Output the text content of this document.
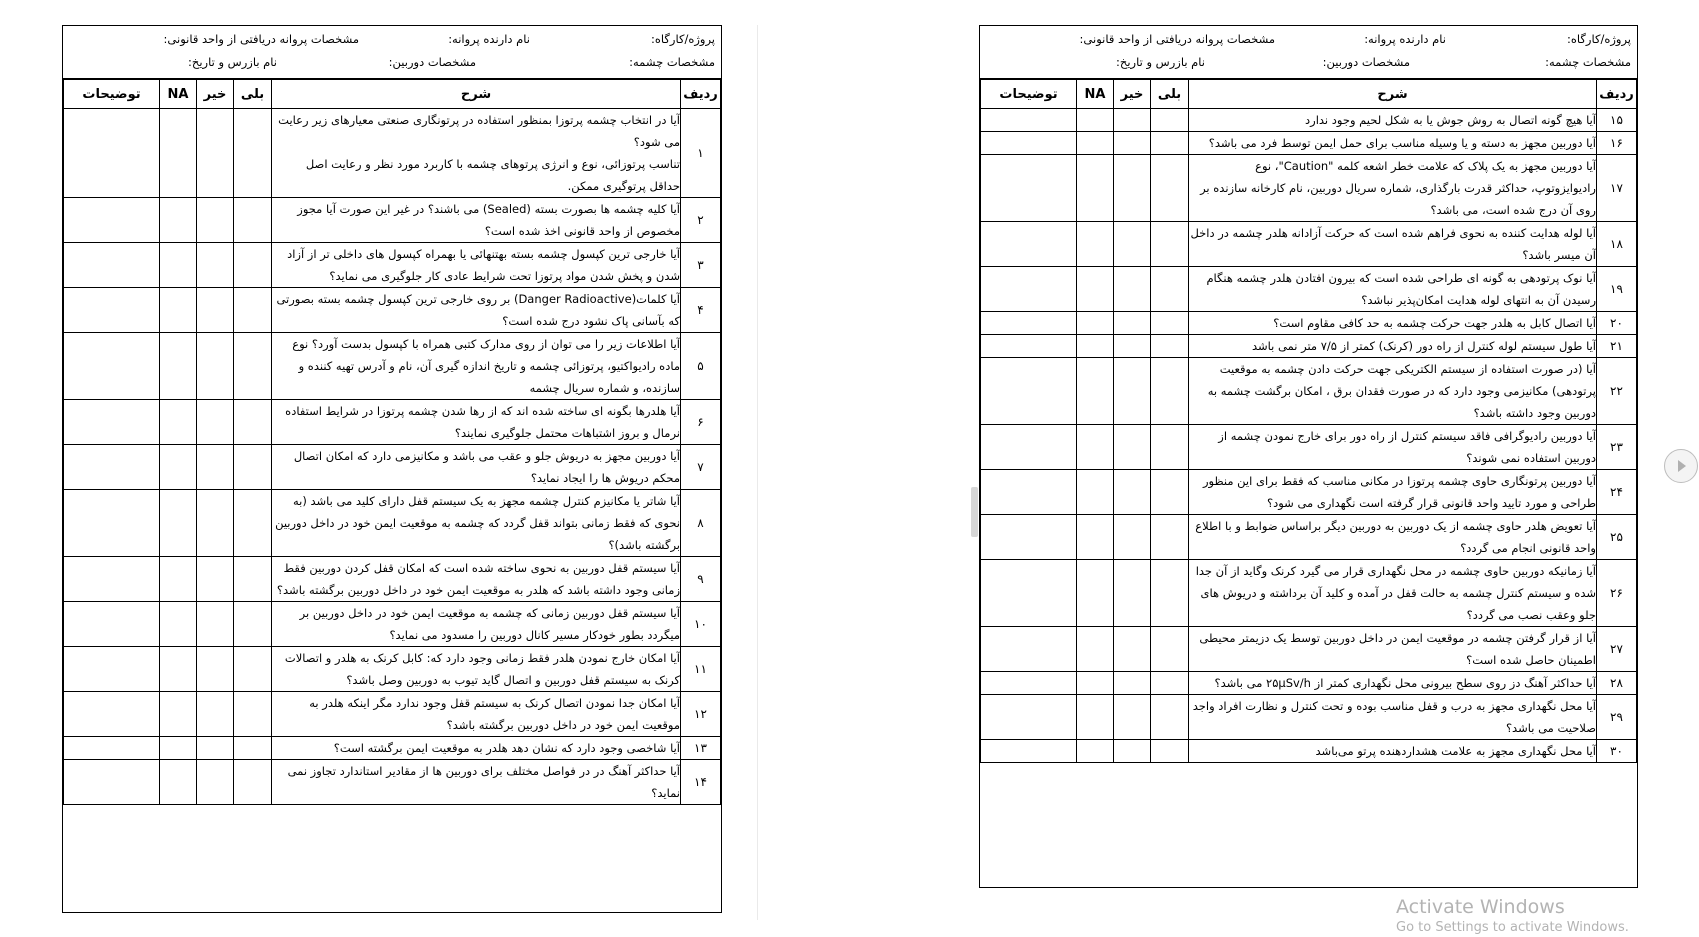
پروژه/کارگاه:
نام دارنده پروانه:
مشخصات پروانه دریافتی از واحد قانونی:
مشخصات چشمه:
مشخصات دوربین:
نام بازرس و تاریخ:
ردیف	شرح	بلی	خیر	NA	توضیحات
۱	آیا در انتخاب چشمه پرتوزا بمنظور استفاده در پرتونگاری صنعتی معیارهای زیر رعایت می شود؟

تناسب پرتوزائی، نوع و انرژی پرتوهای چشمه با کاربرد مورد نظر و رعایت اصل حداقل پرتوگیری ممکن.				

۲	آیا کلیه چشمه ها بصورت بسته (Sealed) می باشند؟ در غیر این صورت آیا مجوز مخصوص از واحد قانونی اخذ شده است؟				

۳	آیا خارجی ترین کپسول چشمه بسته بهتنهائی یا بهمراه کپسول های داخلی تر از آزاد شدن و پخش شدن مواد پرتوزا تحت شرایط عادی کار جلوگیری می نماید؟				

۴	آیا کلمات(Danger Radioactive) بر روی خارجی ترین کپسول چشمه بسته بصورتی که بآسانی پاک نشود درج شده است؟				

۵	آیا اطلاعات زیر را می توان از روی مدارک کتبی همراه با کپسول بدست آورد؟ نوع ماده رادیواکتیو، پرتوزائی چشمه و تاریخ اندازه گیری آن، نام و آدرس تهیه کننده و سازنده، و شماره سریال چشمه				

۶	آیا هلدرها بگونه ای ساخته شده اند که از رها شدن چشمه پرتوزا در شرایط استفاده نرمال و بروز اشتباهات محتمل جلوگیری نمایند؟				

۷	آیا دوربین مجهز به دریوش جلو و عقب می باشد و مکانیزمی دارد که امکان اتصال محکم دریوش ها را ایجاد نماید؟				

۸	آیا شاتر یا مکانیزم کنترل چشمه مجهز به یک سیستم قفل دارای کلید می باشد (به نحوی که فقط زمانی بتواند قفل گردد که چشمه به موقعیت ایمن خود در داخل دوربین برگشته باشد)؟				

۹	آیا سیستم قفل دوربین به نحوی ساخته شده است که امکان قفل کردن دوربین فقط زمانی وجود داشته باشد که هلدر به موقعیت ایمن خود در داخل دوربین برگشته باشد؟				

۱۰	آیا سیستم قفل دوربین زمانی که چشمه به موقعیت ایمن خود در داخل دوربین بر میگردد بطور خودکار مسیر کانال دوربین را مسدود می نماید؟				

۱۱	آیا امکان خارج نمودن هلدر فقط زمانی وجود دارد که: کابل کرنک به هلدر و اتصالات کرنک به سیستم قفل دوربین و اتصال گاید تیوب به دوربین وصل باشد؟				

۱۲	آیا امکان جدا نمودن اتصال کرنک به سیستم قفل وجود ندارد مگر اینکه هلدر به موقعیت ایمن خود در داخل دوربین برگشته باشد؟				

۱۳	آیا شاخصی وجود دارد که نشان دهد هلدر به موقعیت ایمن برگشته است؟				

۱۴	آیا حداکثر آهنگ در در فواصل مختلف برای دوربین ها از مقادیر استاندارد تجاوز نمی نماید؟				

پروژه/کارگاه:
نام دارنده پروانه:
مشخصات پروانه دریافتی از واحد قانونی:
مشخصات چشمه:
مشخصات دوربین:
نام بازرس و تاریخ:
ردیف	شرح	بلی	خیر	NA	توضیحات
۱۵	آیا هیچ گونه اتصال به روش جوش یا به شکل لحیم وجود ندارد				

۱۶	آیا دوربین مجهز به دسته و یا وسیله مناسب برای حمل ایمن توسط فرد می باشد؟				

۱۷	آیا دوربین مجهز به یک پلاک که علامت خطر اشعه کلمه "Caution"، نوع رادیوایزوتوپ، حداکثر قدرت بارگذاری، شماره سریال دوربین، نام کارخانه سازنده بر روی آن درج شده است، می باشد؟				

۱۸	آیا لوله هدایت کننده به نحوی فراهم شده است که حرکت آزادانه هلدر چشمه در داخل آن میسر باشد؟				

۱۹	آیا نوک پرتودهی به گونه ای طراحی شده است که بیرون افتادن هلدر چشمه هنگام رسیدن آن به انتهای لوله هدایت امکان‌پذیر نباشد؟				

۲۰	آیا اتصال کابل به هلدر جهت حرکت چشمه به حد کافی مقاوم است؟				

۲۱	آیا طول سیستم لوله کنترل از راه دور (کرنک) کمتر از ۷/۵ متر نمی باشد				

۲۲	آیا (در صورت استفاده از سیستم الکتریکی جهت حرکت دادن چشمه به موقعیت پرتودهی) مکانیزمی وجود دارد که در صورت فقدان برق ، امکان برگشت چشمه به دوربین وجود داشته باشد؟				

۲۳	آیا دوربین رادیوگرافی فاقد سیستم کنترل از راه دور برای خارج نمودن چشمه از دوربین استفاده نمی شوند؟				

۲۴	آیا دوربین پرتونگاری حاوی چشمه پرتوزا در مکانی مناسب که فقط برای این منظور طراحی و مورد تایید واحد قانونی قرار گرفته است نگهداری می شود؟				

۲۵	آیا تعویض هلدر حاوی چشمه از یک دوربین به دوربین دیگر براساس ضوابط و با اطلاع واحد قانونی انجام می گردد؟				

۲۶	آیا زمانیکه دوربین حاوی چشمه در محل نگهداری قرار می گیرد کرنک وگاید از آن جدا شده و سیستم کنترل چشمه به حالت قفل در آمده و کلید آن برداشته و دریوش های جلو وعقب نصب می گردد؟				

۲۷	آیا از قرار گرفتن چشمه در موقعیت ایمن در داخل دوربین توسط یک دزیمتر محیطی اطمینان حاصل شده است؟				

۲۸	آیا حداکثر آهنگ دز روی سطح بیرونی محل نگهداری کمتر از ۲۵µSv/h می باشد؟				

۲۹	آیا محل نگهداری مجهز به درب و قفل مناسب بوده و تحت کنترل و نظارت افراد واجد صلاحیت می باشد؟				

۳۰	آیا محل نگهداری مجهز به علامت هشداردهنده پرتو می‌باشد				

Activate Windows
Go to Settings to activate Windows.
